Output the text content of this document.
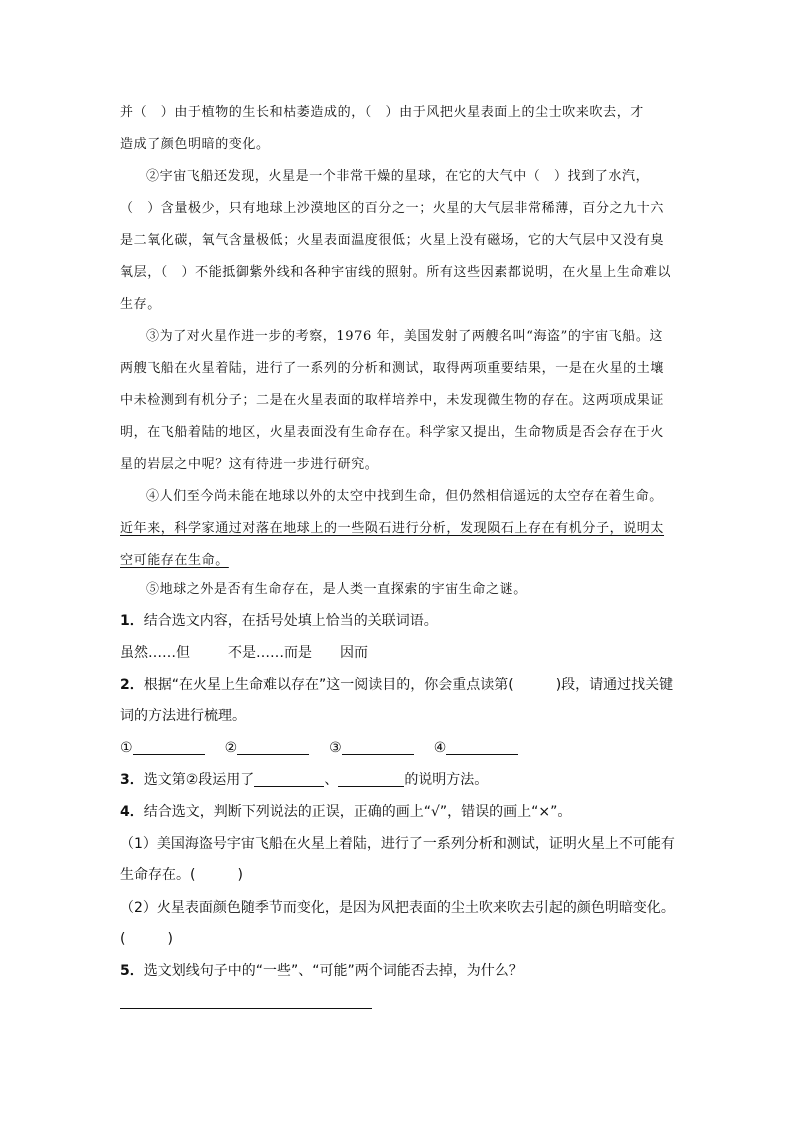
并（　）由于植物的生长和枯萎造成的，（　）由于风把火星表面上的尘士吹来吹去，才
造成了颜色明暗的变化。

②宇宙飞船还发现，火星是一个非常干燥的星球，在它的大气中（　）找到了水汽，（　）含量极少，只有地球上沙漠地区的百分之一；火星的大气层非常稀薄，百分之九十六是二氧化碳，氧气含量极低；火星表面温度很低；火星上没有磁场，它的大气层中又没有臭氧层，（　）不能抵御紫外线和各种宇宙线的照射。所有这些因素都说明，在火星上生命难以生存。

③为了对火星作进一步的考察，1976 年，美国发射了两艘名叫“海盗”的宇宙飞船。这两艘飞船在火星着陆，进行了一系列的分析和测试，取得两项重要结果，一是在火星的土壤中未检测到有机分子；二是在火星表面的取样培养中，未发现微生物的存在。这两项成果证明，在飞船着陆的地区，火星表面没有生命存在。科学家又提出，生命物质是否会存在于火星的岩层之中呢？这有待进一步进行研究。

④人们至今尚未能在地球以外的太空中找到生命，但仍然相信遥远的太空存在着生命。近年来，科学家通过对落在地球上的一些陨石进行分析，发现陨石上存在有机分子，说明太空可能存在生命。

⑤地球之外是否有生命存在，是人类一直探索的宇宙生命之谜。

1．结合选文内容，在括号处填上恰当的关联词语。

虽然……但	不是……而是 因而

2．根据“在火星上生命难以存在”这一阅读目的，你会重点读第(　　　)段，请通过找关键
词的方法进行梳理。

①	②	③	④

3．选文第②段运用了	、	的说明方法。

4．结合选文，判断下列说法的正误，正确的画上“√”，错误的画上“×”。

（1）美国海盗号宇宙飞船在火星上着陆，进行了一系列分析和测试，证明火星上不可能有
生命存在。(　　　)

（2）火星表面颜色随季节而变化，是因为风把表面的尘土吹来吹去引起的颜色明暗变化。
(　　　)

5．选文划线句子中的“一些”、“可能”两个词能否去掉，为什么？
